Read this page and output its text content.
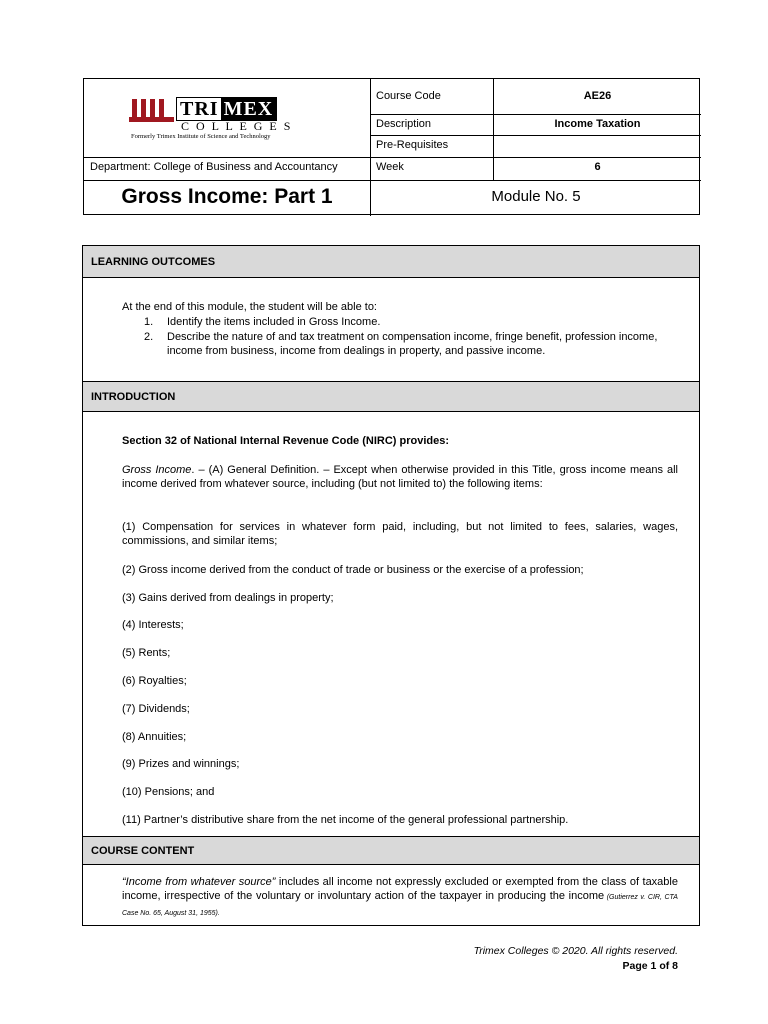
TRI MEX
C O L L E G E S
Formerly Trimex Institute of Science and Technology
Course Code	AE26
Description	Income Taxation
Pre-Requisites
Department: College of Business and Accountancy	Week	6
Gross Income: Part 1	Module No. 5
LEARNING OUTCOMES
At the end of this module, the student will be able to:
1. Identify the items included in Gross Income.
2. Describe the nature of and tax treatment on compensation income, fringe benefit, profession income, income from business, income from dealings in property, and passive income.
INTRODUCTION
Section 32 of National Internal Revenue Code (NIRC) provides:
Gross Income. – (A) General Definition. – Except when otherwise provided in this Title, gross income means all income derived from whatever source, including (but not limited to) the following items:
(1) Compensation for services in whatever form paid, including, but not limited to fees, salaries, wages, commissions, and similar items;
(2) Gross income derived from the conduct of trade or business or the exercise of a profession;
(3) Gains derived from dealings in property;
(4) Interests;
(5) Rents;
(6) Royalties;
(7) Dividends;
(8) Annuities;
(9) Prizes and winnings;
(10) Pensions; and
(11) Partner’s distributive share from the net income of the general professional partnership.
COURSE CONTENT
“Income from whatever source” includes all income not expressly excluded or exempted from the class of taxable income, irrespective of the voluntary or involuntary action of the taxpayer in producing the income (Gutierrez v. CIR, CTA Case No. 65, August 31, 1955).
Trimex Colleges © 2020. All rights reserved.
Page 1 of 8
